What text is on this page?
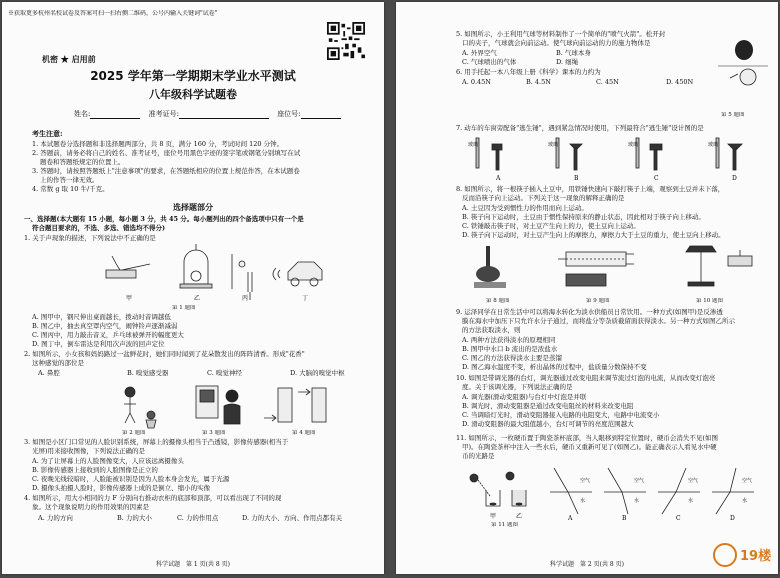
※获取更多杭州名校试卷及答案可扫一扫右侧二维码，公号内输入关键词"试卷"
机密 ★ 启用前
2025 学年第一学期期末学业水平测试
八年级科学试题卷
姓名:	准考证号:	座位号:
考生注意:
1. 本试题卷分选择题和非选择题两部分，共 8 页，满分 160 分，考试时间 120 分钟。
2. 答题前，请务必将自己的姓名、准考证号，座位号用黑色字迹的签字笔或钢笔分别填写在试
题卷和答题纸规定的位置上。
3. 答题时，请按照答题纸上"注意事项"的要求，在答题纸相应的位置上规范作答，在本试题卷
上的作答一律无效。
4. 常数 g 取 10 牛/千克。
选择题部分
一、选择题(本大题有 15 小题，每小题 3 分，共 45 分。每小题列出的四个备选项中只有一个是
符合题目要求的，不选、多选、错选均不得分)
1. 关于声现象的描述，下列说法中不正确的是
甲	乙	丙	丁
第 1 题图
A. 图甲中，钢尺伸出桌面越长，拨动时音调越低
B. 图乙中，抽去真空罩内空气，闹钟铃声逐渐减弱
C. 图丙中，用力敲击音叉，乒乓球被弹开的幅度更大
D. 图丁中，倒车雷达是利用次声波的回声定位
2. 如图所示，小女孩和妈妈路过一盆鲜花时，她们同时闻到了花朵散发出的阵阵清香。形成"花香"
这种感觉的部位是
A. 鼻腔	B. 嗅觉感受器	C. 嗅觉神经	D. 大脑的嗅觉中枢
第 2 题图	第 3 题图	第 4 题图
3. 如图是小区门口常见的人脸识别系统，屏幕上的摄像头相当于凸透镜，影像传感器(相当于
光屏)用来接收图像，下列说法正确的是
A. 为了让屏幕上的人脸图像变大，人应该远离摄像头
B. 影像传感器上接收到的人脸图像是正立的
C. 夜晚光线较暗时，人脸能被识别是因为人脸本身会发光，属于光源
D. 摄像头拍摄人脸时，影像传感器上成的是倒立、缩小的实像
4. 如图所示，用大小相同的力 F 分别向右推动衣柜的底部和顶部，可以看出现了不同的现
象。这个现象说明力的作用效果的因素是
A. 力的方向	B. 力的大小	C. 力的作用点	D. 力的大小、方向、作用点都有关
科学试题　第 1 页(共 8 页)
5. 如图所示，小王利用气球等材料制作了一个简单的"喷气火箭"。松开封
口的夹子，气球就会向前运动。使气球向前运动的力的施力物体是
A. 外界空气	B. 气球本身
C. 气球喷出的气体	D. 细绳
第 5 题图
6. 用手托起一本八年级上册《科学》课本的力约为
A. 0.45N	B. 4.5N	C. 45N	D. 450N
7. 动车的车窗旁配备"逃生锤"，遇到紧急情况时使用，下列最符合"逃生锤"设计图的是
玻璃	玻璃	玻璃	玻璃
A	B	C	D
8. 如图所示，将一根筷子插入土豆中，用铁锤快速向下敲打筷子上端，观察到土豆并未下落，
反而沿筷子向上运动。下列关于这一现象的解释正确的是
A. 土豆因为受到惯性力的作用而向上运动。
B. 筷子向下运动时，土豆由于惯性保持原来的静止状态，因此相对于筷子向上移动。
C. 铁锤敲击筷子时，对土豆产生向上的力，使土豆向上运动。
D. 筷子向下运动时，对土豆产生向上的摩擦力，摩擦力大于土豆的重力，使土豆向上移动。
第 8 题图	第 9 题图	第 10 题图
9. 运泽同学在日常生活中可以将海水转化为淡水供船员日常饮用。一种方式(如图甲)是反渗透
膜在海水中加压下只允许水分子通过，而将盐分等杂质截留面获得淡水。另一种方式如图乙所示
的方法获取淡水，则
A. 两种方法获得淡水的原理相同
B. 图甲中水口 b 流出的是浓盐水
C. 图乙的方法获得淡水主要是蒸馏
D. 图乙海水温度不变，析出晶体的过程中，盐质量分数保持不变
10. 如图是带调光器的台灯，调光器通过改变电阻来调节流过灯泡的电流，从而改变灯泡亮
度。关于该调光器，下列说法正确的是
A. 调光器(滑动变阻器)与台灯中灯泡是并联
B. 调光时，滑动变阻器是通过改变电阻丝的材料来改变电阻
C. 当调暗灯光时，滑动变阻器接入电路的电阻变大，电路中电流变小
D. 滑动变阻器的最大阻值越小，台灯可调节的亮度范围越大
11. 如图所示，一枚硬币置于陶瓷茶杯底部，当人眼移到特定位置时，硬币会消失不见(如图
甲)。在陶瓷茶杯中注入一些水后，硬币又重新可见了(如图乙)。能正确表示人看见水中硬
币的光路是
空气
水
空气
水
空气
水
空气
水
甲	乙	A	B	C	D
第 11 题图
科学试题　第 2 页(共 8 页)
19楼
